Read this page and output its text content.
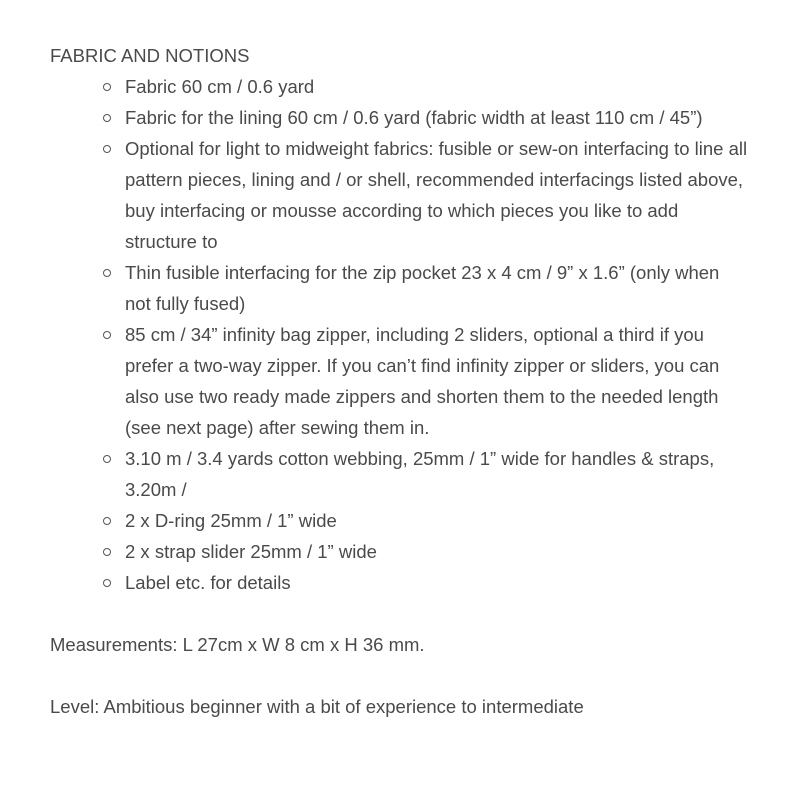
FABRIC AND NOTIONS

Fabric 60 cm / 0.6 yard
Fabric for the lining 60 cm / 0.6 yard (fabric width at least 110 cm / 45”)
Optional for light to midweight fabrics: fusible or sew-on interfacing to line all pattern pieces, lining and / or shell, recommended interfacings listed above, buy interfacing or mousse according to which pieces you like to add structure to
Thin fusible interfacing for the zip pocket 23 x 4 cm / 9” x 1.6” (only when not fully fused)
85 cm / 34” infinity bag zipper, including 2 sliders, optional a third if you prefer a two-way zipper. If you can’t find infinity zipper or sliders, you can also use two ready made zippers and shorten them to the needed length (see next page) after sewing them in.
3.10 m / 3.4 yards cotton webbing, 25mm / 1” wide for handles & straps, 3.20m /
2 x D-ring 25mm / 1” wide
2 x strap slider 25mm / 1” wide
Label etc. for details

Measurements: L 27cm x W 8 cm x H 36 mm.

Level: Ambitious beginner with a bit of experience to intermediate
